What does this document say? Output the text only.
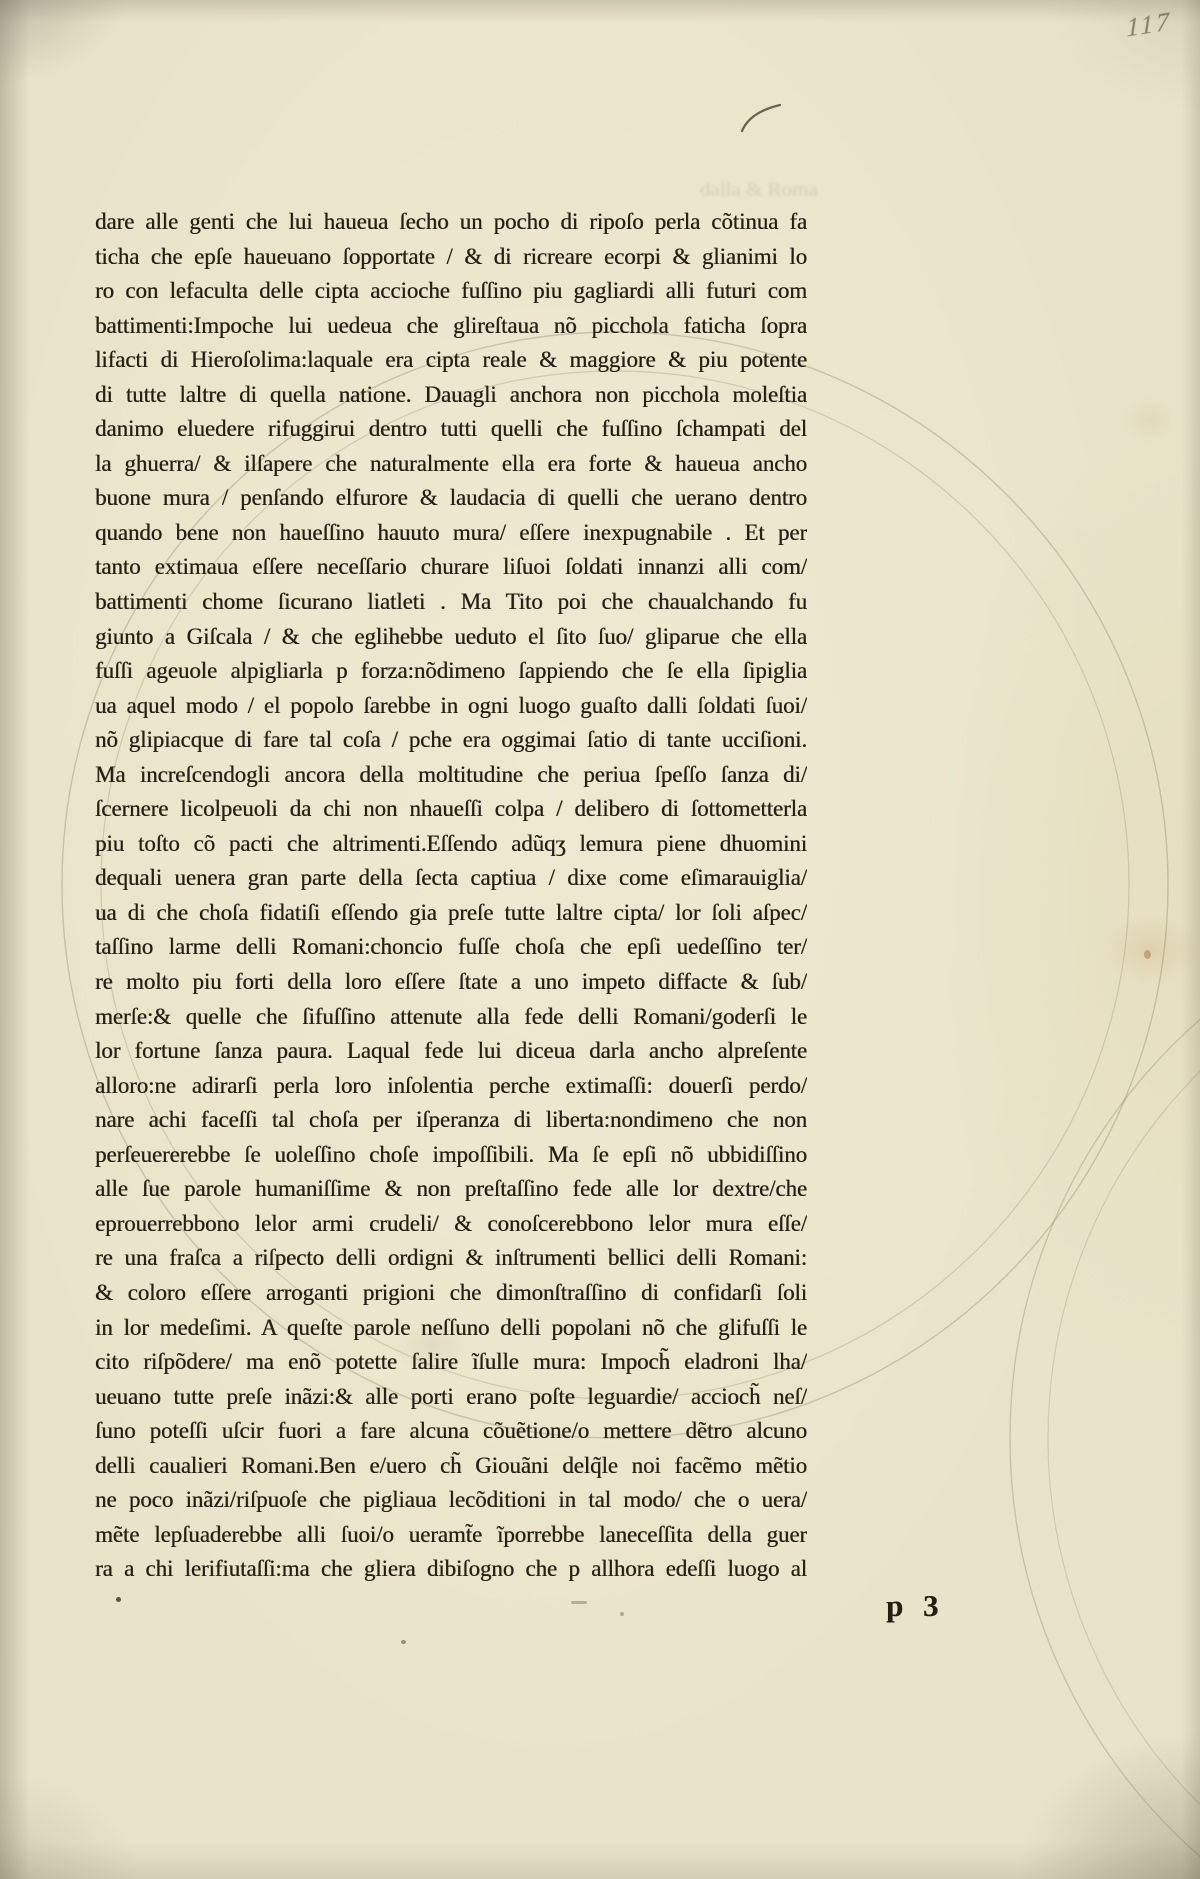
dalla & Roma
117
dare alle genti che lui haueua ſecho un pocho di ripoſo perla cõtinua fa
ticha che epſe haueuano ſopportate / & di ricreare ecorpi & glianimi lo
ro con lefaculta delle cipta accioche fuſſino piu gagliardi alli futuri com
battimenti:Impoche lui uedeua che glireſtaua nõ picchola faticha ſopra
lifacti di Hieroſolima:laquale era cipta reale & maggiore & piu potente
di tutte laltre di quella natione. Dauagli anchora non picchola moleſtia
danimo eluedere rifuggirui dentro tutti quelli che fuſſino ſchampati del
la ghuerra/ & ilſapere che naturalmente ella era forte & haueua ancho
buone mura / penſando elfurore & laudacia di quelli che uerano dentro
quando bene non haueſſino hauuto mura/ eſſere inexpugnabile . Et per
tanto extimaua eſſere neceſſario churare liſuoi ſoldati innanzi alli com/
battimenti chome ſicurano liatleti . Ma Tito poi che chaualchando fu
giunto a Giſcala / & che eglihebbe ueduto el ſito ſuo/ gliparue che ella
fuſſi ageuole alpigliarla p forza:nõdimeno ſappiendo che ſe ella ſipiglia
ua aquel modo / el popolo ſarebbe in ogni luogo guaſto dalli ſoldati ſuoi/
nõ glipiacque di fare tal coſa / pche era oggimai ſatio di tante ucciſioni.
Ma increſcendogli ancora della moltitudine che periua ſpeſſo ſanza di/
ſcernere licolpeuoli da chi non nhaueſſi colpa / delibero di ſottometterla
piu toſto cõ pacti che altrimenti.Eſſendo adũqʒ lemura piene dhuomini
dequali uenera gran parte della ſecta captiua / dixe come eſimarauiglia/
ua di che choſa fidatiſi eſſendo gia preſe tutte laltre cipta/ lor ſoli aſpec/
taſſino larme delli Romani:choncio fuſſe choſa che epſi uedeſſino ter/
re molto piu forti della loro eſſere ſtate a uno impeto diffacte & ſub/
merſe:& quelle che ſifuſſino attenute alla fede delli Romani/goderſi le
lor fortune ſanza paura. Laqual fede lui diceua darla ancho alpreſente
alloro:ne adirarſi perla loro inſolentia perche extimaſſi: douerſi perdo/
nare achi faceſſi tal choſa per iſperanza di liberta:nondimeno che non
perſeuererebbe ſe uoleſſino choſe impoſſibili. Ma ſe epſi nõ ubbidiſſino
alle ſue parole humaniſſime & non preſtaſſino fede alle lor dextre/che
eprouerrebbono lelor armi crudeli/ & conoſcerebbono lelor mura eſſe/
re una fraſca a riſpecto delli ordigni & inſtrumenti bellici delli Romani:
& coloro eſſere arroganti prigioni che dimonſtraſſino di confidarſi ſoli
in lor medeſimi. A queſte parole neſſuno delli popolani nõ che glifuſſi le
cito riſpõdere/ ma enõ potette ſalire ĩſulle mura: Impoch̃ eladroni lha/
ueuano tutte preſe inãzi:& alle porti erano poſte leguardie/ accioch̃ neſ/
ſuno poteſſi uſcir fuori a fare alcuna cõuẽtione/o mettere dẽtro alcuno
delli caualieri Romani.Ben e/uero ch̃ Giouãni delq̃le noi facẽmo mẽtio
ne poco inãzi/riſpuoſe che pigliaua lecõditioni in tal modo/ che o uera/
mẽte lepſuaderebbe alli ſuoi/o ueramt̃e ĩporrebbe laneceſſita della guer
ra a chi lerifiutaſſi:ma che gliera dibiſogno che p allhora edeſſi luogo al
p 3
